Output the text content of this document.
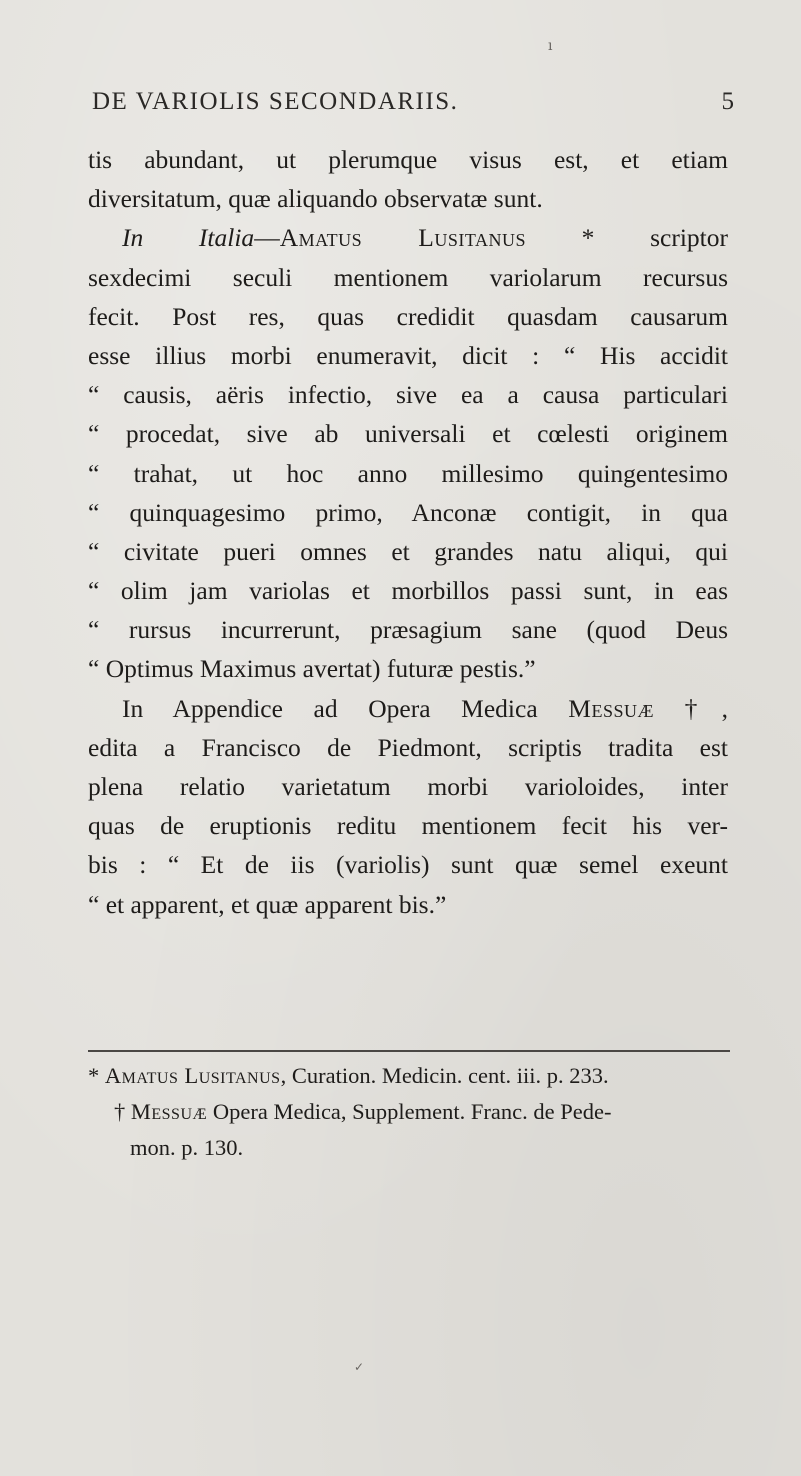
ı
DE VARIOLIS SECONDARIIS.	5
tis abundant, ut plerumque visus est, et etiam
diversitatum, quæ aliquando observatæ sunt.
In Italia—Amatus Lusitanus * scriptor
sexdecimi seculi mentionem variolarum recursus
fecit. Post res, quas credidit quasdam causarum
esse illius morbi enumeravit, dicit : “ His accidit
“ causis, aëris infectio, sive ea a causa particulari
“ procedat, sive ab universali et cœlesti originem
“ trahat, ut hoc anno millesimo quingentesimo
“ quinquagesimo primo, Anconæ contigit, in qua
“ civitate pueri omnes et grandes natu aliqui, qui
“ olim jam variolas et morbillos passi sunt, in eas
“ rursus incurrerunt, præsagium sane (quod Deus
“ Optimus Maximus avertat) futuræ pestis.”
In Appendice ad Opera Medica Messuæ †,
edita a Francisco de Piedmont, scriptis tradita est
plena relatio varietatum morbi varioloides, inter
quas de eruptionis reditu mentionem fecit his ver-
bis : “ Et de iis (variolis) sunt quæ semel exeunt
“ et apparent, et quæ apparent bis.”
* Amatus Lusitanus, Curation. Medicin. cent. iii. p. 233.
† Messuæ Opera Medica, Supplement. Franc. de Pede-
mon. p. 130.
✓
